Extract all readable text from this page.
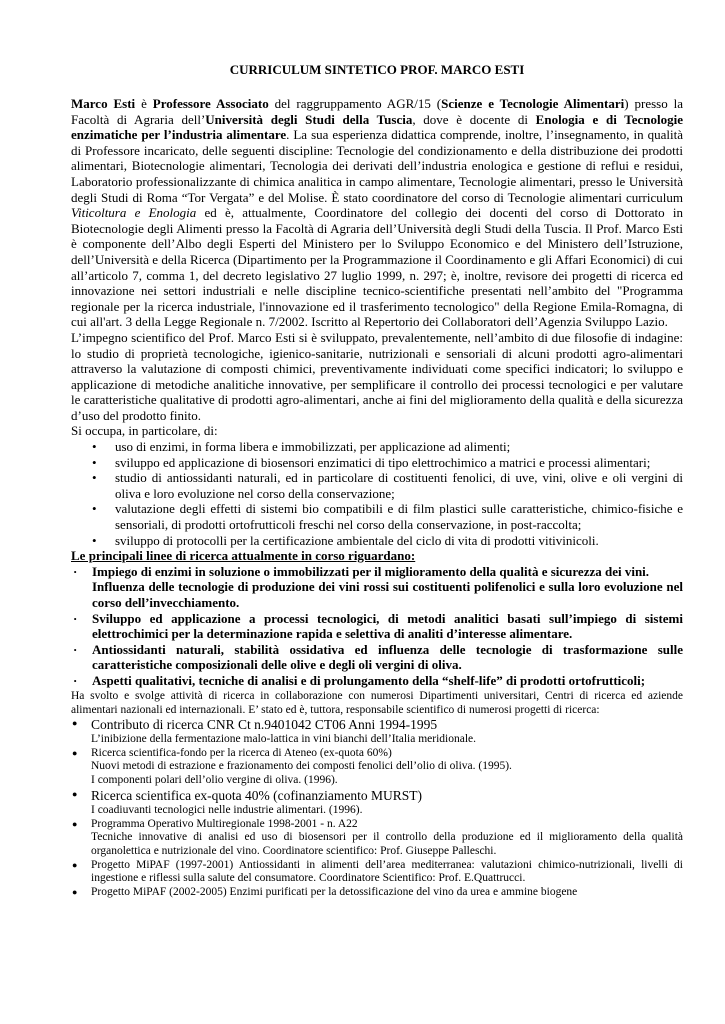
CURRICULUM SINTETICO PROF. MARCO ESTI

Marco Esti è Professore Associato del raggruppamento AGR/15 (Scienze e Tecnologie Alimentari) presso la Facoltà di Agraria dell’Università degli Studi della Tuscia, dove è docente di Enologia e di Tecnologie enzimatiche per l’industria alimentare. La sua esperienza didattica comprende, inoltre, l’insegnamento, in qualità di Professore incaricato, delle seguenti discipline: Tecnologie del condizionamento e della distribuzione dei prodotti alimentari, Biotecnologie alimentari, Tecnologia dei derivati dell’industria enologica e gestione di reflui e residui, Laboratorio professionalizzante di chimica analitica in campo alimentare, Tecnologie alimentari, presso le Università degli Studi di Roma “Tor Vergata” e del Molise. È stato coordinatore del corso di Tecnologie alimentari curriculum Viticoltura e Enologia ed è, attualmente, Coordinatore del collegio dei docenti del corso di Dottorato in Biotecnologie degli Alimenti presso la Facoltà di Agraria dell’Università degli Studi della Tuscia. Il Prof. Marco Esti è componente dell’Albo degli Esperti del Ministero per lo Sviluppo Economico e del Ministero dell’Istruzione, dell’Università e della Ricerca (Dipartimento per la Programmazione il Coordinamento e gli Affari Economici) di cui all’articolo 7, comma 1, del decreto legislativo 27 luglio 1999, n. 297; è, inoltre, revisore dei progetti di ricerca ed innovazione nei settori industriali e nelle discipline tecnico-scientifiche presentati nell’ambito del "Programma regionale per la ricerca industriale, l'innovazione ed il trasferimento tecnologico" della Regione Emila-Romagna, di cui all'art. 3 della Legge Regionale n. 7/2002. Iscritto al Repertorio dei Collaboratori dell’Agenzia Sviluppo Lazio.

L’impegno scientifico del Prof. Marco Esti si è sviluppato, prevalentemente, nell’ambito di due filosofie di indagine: lo studio di proprietà tecnologiche, igienico-sanitarie, nutrizionali e sensoriali di alcuni prodotti agro-alimentari attraverso la valutazione di composti chimici, preventivamente individuati come specifici indicatori; lo sviluppo e applicazione di metodiche analitiche innovative, per semplificare il controllo dei processi tecnologici e per valutare le caratteristiche qualitative di prodotti agro-alimentari, anche ai fini del miglioramento della qualità e della sicurezza d’uso del prodotto finito.

Si occupa, in particolare, di:

• uso di enzimi, in forma libera e immobilizzati, per applicazione ad alimenti;
• sviluppo ed applicazione di biosensori enzimatici di tipo elettrochimico a matrici e processi alimentari;
• studio di antiossidanti naturali, ed in particolare di costituenti fenolici, di uve, vini, olive e oli vergini di oliva e loro evoluzione nel corso della conservazione;
• valutazione degli effetti di sistemi bio compatibili e di film plastici sulle caratteristiche, chimico-fisiche e sensoriali, di prodotti ortofrutticoli freschi nel corso della conservazione, in post-raccolta;
• sviluppo di protocolli per la certificazione ambientale del ciclo di vita di prodotti vitivinicoli.

Le principali linee di ricerca attualmente in corso riguardano:

· Impiego di enzimi in soluzione o immobilizzati per il miglioramento della qualità e sicurezza dei vini.

Influenza delle tecnologie di produzione dei vini rossi sui costituenti polifenolici e sulla loro evoluzione nel corso dell’invecchiamento.

· Sviluppo ed applicazione a processi tecnologici, di metodi analitici basati sull’impiego di sistemi elettrochimici per la determinazione rapida e selettiva di analiti d’interesse alimentare.

· Antiossidanti naturali, stabilità ossidativa ed influenza delle tecnologie di trasformazione sulle caratteristiche composizionali delle olive e degli oli vergini di oliva.

· Aspetti qualitativi, tecniche di analisi e di prolungamento della “shelf-life” di prodotti ortofrutticoli;

Ha svolto e svolge attività di ricerca in collaborazione con numerosi Dipartimenti universitari, Centri di ricerca ed aziende alimentari nazionali ed internazionali. E’ stato ed è, tuttora, responsabile scientifico di numerosi progetti di ricerca:

● Contributo di ricerca CNR Ct n.9401042 CT06 Anni 1994-1995
L’inibizione della fermentazione malo-lattica in vini bianchi dell’Italia meridionale.
● Ricerca scientifica-fondo per la ricerca di Ateneo (ex-quota 60%)
Nuovi metodi di estrazione e frazionamento dei composti fenolici dell’olio di oliva. (1995).
I componenti polari dell’olio vergine di oliva. (1996).
● Ricerca scientifica ex-quota 40% (cofinanziamento MURST)
I coadiuvanti tecnologici nelle industrie alimentari. (1996).
● Programma Operativo Multiregionale 1998-2001 - n. A22
Tecniche innovative di analisi ed uso di biosensori per il controllo della produzione ed il miglioramento della qualità organolettica e nutrizionale del vino. Coordinatore scientifico: Prof. Giuseppe Palleschi.
● Progetto MiPAF (1997-2001) Antiossidanti in alimenti dell’area mediterranea: valutazioni chimico-nutrizionali, livelli di ingestione e riflessi sulla salute del consumatore. Coordinatore Scientifico: Prof. E.Quattrucci.
● Progetto MiPAF (2002-2005) Enzimi purificati per la detossificazione del vino da urea e ammine biogene
